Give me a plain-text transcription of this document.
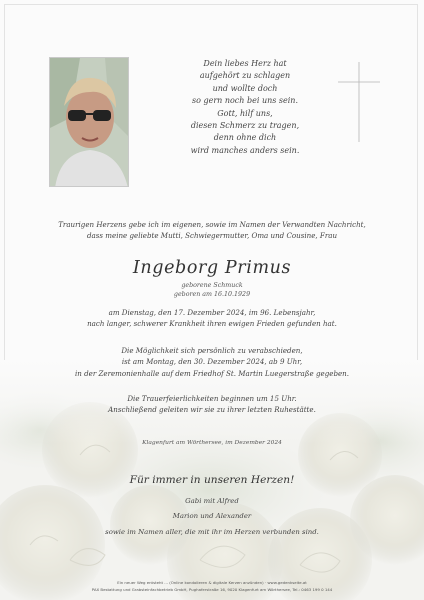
Dein liebes Herz hat
aufgehört zu schlagen
und wollte doch
so gern noch bei uns sein.
Gott, hilf uns,
diesen Schmerz zu tragen,
denn ohne dich
wird manches anders sein.
Traurigen Herzens gebe ich im eigenen, sowie im Namen der Verwandten Nachricht,
dass meine geliebte Mutti, Schwiegermutter, Oma und Cousine, Frau
Ingeborg Primus
geborene Schmuck
geboren am 16.10.1929
am Dienstag, den 17. Dezember 2024, im 96. Lebensjahr,
nach langer, schwerer Krankheit ihren ewigen Frieden gefunden hat.
Die Möglichkeit sich persönlich zu verabschieden,
ist am Montag, den 30. Dezember 2024, ab 9 Uhr,
in der Zeremonienhalle auf dem Friedhof St. Martin Luegerstraße gegeben.
Die Trauerfeierlichkeiten beginnen um 15 Uhr.
Anschließend geleiten wir sie zu ihrer letzten Ruhestätte.
Klagenfurt am Wörthersee, im Dezember 2024
Für immer in unseren Herzen!
Gabi mit Alfred
Marion und Alexander
sowie im Namen aller, die mit ihr im Herzen verbunden sind.
Ein neuer Weg entsteht ... (Online kondolieren & digitale Kerzen anzünden) · www.gedenkseite.at
PAX Bestattung und Grabsteinfachbetrieb GmbH, Pughaferstraße 16, 9020 Klagenfurt am Wörthersee, Tel.: 0463 199 0 144
